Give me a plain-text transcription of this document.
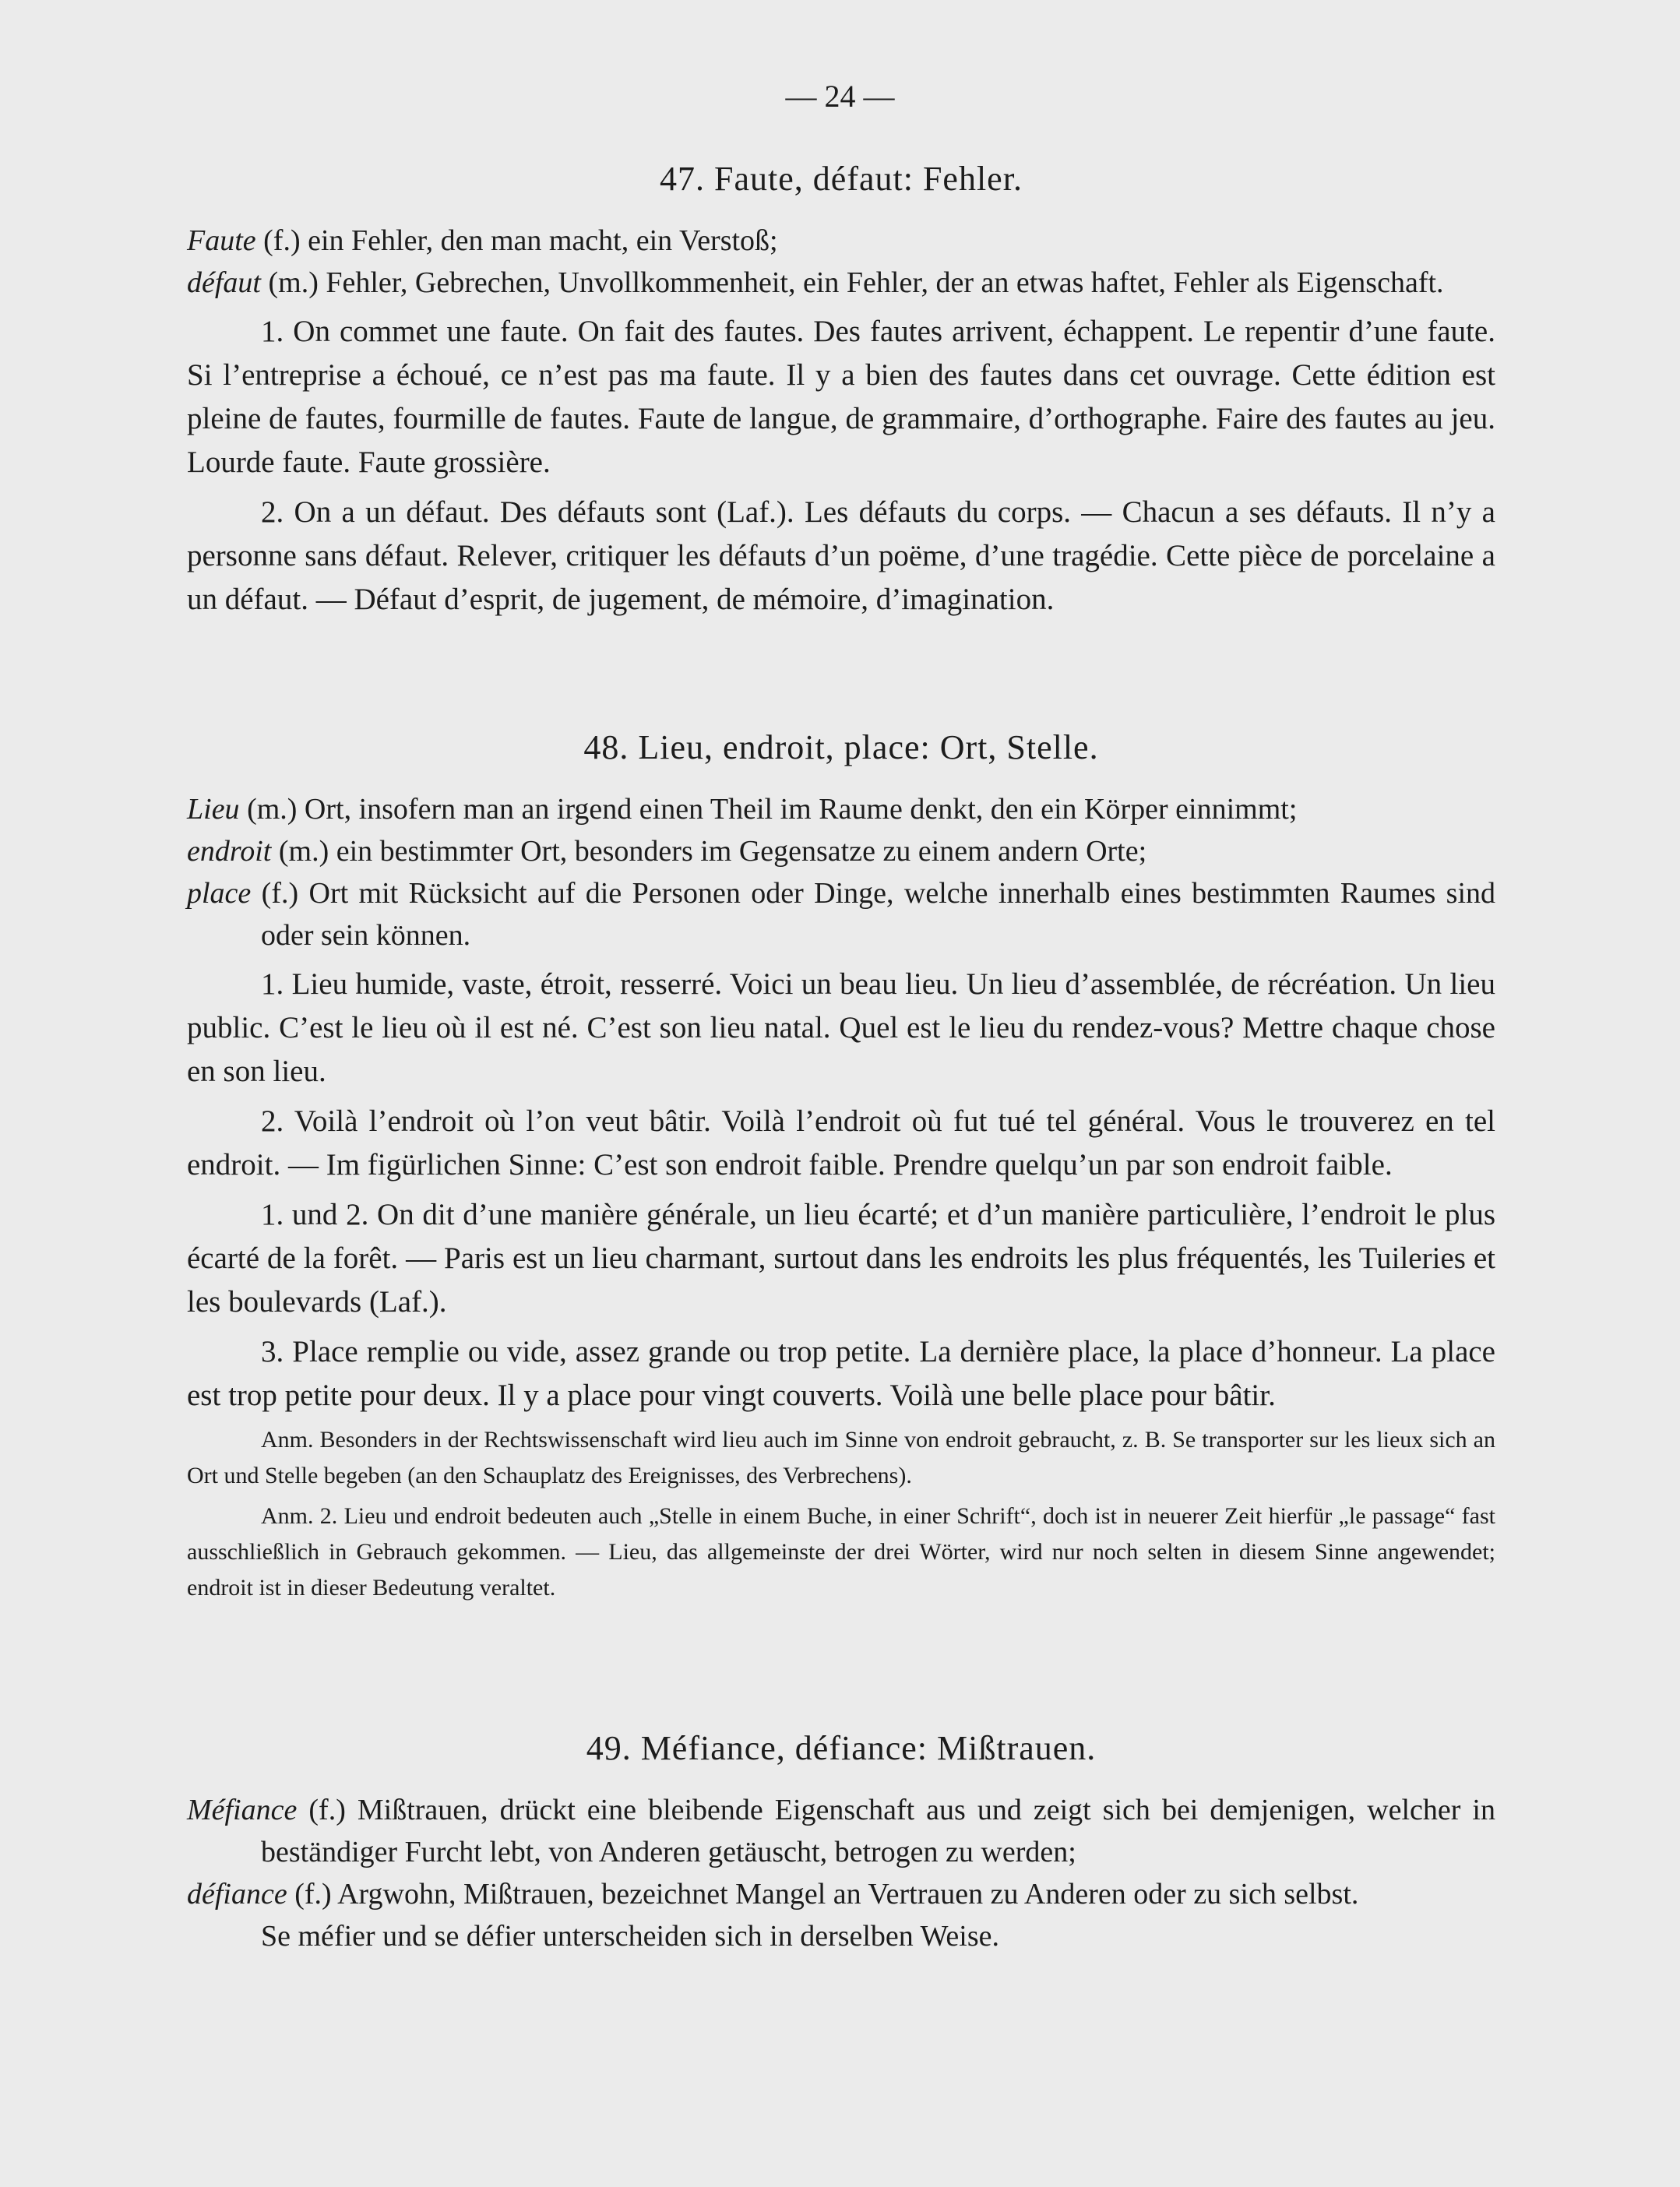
— 24 —
47. Faute, défaut: Fehler.

Faute (f.) ein Fehler, den man macht, ein Verstoß;

défaut (m.) Fehler, Gebrechen, Unvollkommenheit, ein Fehler, der an etwas haftet, Fehler als Eigenschaft.

1. On commet une faute. On fait des fautes. Des fautes arrivent, échappent. Le repentir d’une faute. Si l’entreprise a échoué, ce n’est pas ma faute. Il y a bien des fautes dans cet ouvrage. Cette édition est pleine de fautes, fourmille de fautes. Faute de langue, de grammaire, d’orthographe. Faire des fautes au jeu. Lourde faute. Faute grossière.

2. On a un défaut. Des défauts sont (Laf.). Les défauts du corps. — Chacun a ses défauts. Il n’y a personne sans défaut. Relever, critiquer les défauts d’un poëme, d’une tragédie. Cette pièce de porcelaine a un défaut. — Défaut d’esprit, de jugement, de mémoire, d’imagination.

48. Lieu, endroit, place: Ort, Stelle.

Lieu (m.) Ort, insofern man an irgend einen Theil im Raume denkt, den ein Körper einnimmt;

endroit (m.) ein bestimmter Ort, besonders im Gegensatze zu einem andern Orte;

place (f.) Ort mit Rücksicht auf die Personen oder Dinge, welche innerhalb eines bestimmten Raumes sind oder sein können.

1. Lieu humide, vaste, étroit, resserré. Voici un beau lieu. Un lieu d’assemblée, de récréation. Un lieu public. C’est le lieu où il est né. C’est son lieu natal. Quel est le lieu du rendez-vous? Mettre chaque chose en son lieu.

2. Voilà l’endroit où l’on veut bâtir. Voilà l’endroit où fut tué tel général. Vous le trouverez en tel endroit. — Im figürlichen Sinne: C’est son endroit faible. Prendre quelqu’un par son endroit faible.

1. und 2. On dit d’une manière générale, un lieu écarté; et d’un manière particulière, l’endroit le plus écarté de la forêt. — Paris est un lieu charmant, surtout dans les endroits les plus fréquentés, les Tuileries et les boulevards (Laf.).

3. Place remplie ou vide, assez grande ou trop petite. La dernière place, la place d’honneur. La place est trop petite pour deux. Il y a place pour vingt couverts. Voilà une belle place pour bâtir.

Anm. Besonders in der Rechtswissenschaft wird lieu auch im Sinne von endroit gebraucht, z. B. Se transporter sur les lieux sich an Ort und Stelle begeben (an den Schauplatz des Ereignisses, des Verbrechens).

Anm. 2. Lieu und endroit bedeuten auch „Stelle in einem Buche, in einer Schrift“, doch ist in neuerer Zeit hierfür „le passage“ fast ausschließlich in Gebrauch gekommen. — Lieu, das allgemeinste der drei Wörter, wird nur noch selten in diesem Sinne angewendet; endroit ist in dieser Bedeutung veraltet.

49. Méfiance, défiance: Mißtrauen.

Méfiance (f.) Mißtrauen, drückt eine bleibende Eigenschaft aus und zeigt sich bei demjenigen, welcher in beständiger Furcht lebt, von Anderen getäuscht, betrogen zu werden;

défiance (f.) Argwohn, Mißtrauen, bezeichnet Mangel an Vertrauen zu Anderen oder zu sich selbst.

Se méfier und se défier unterscheiden sich in derselben Weise.
